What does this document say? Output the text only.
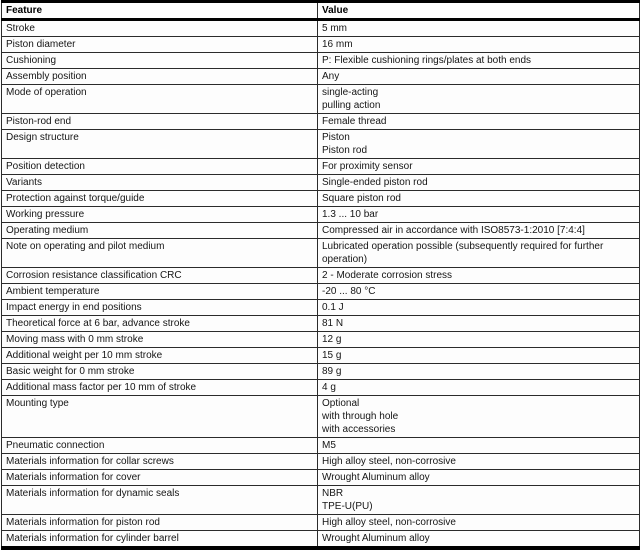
Feature	Value
Stroke	5 mm

Piston diameter	16 mm

Cushioning	P: Flexible cushioning rings/plates at both ends

Assembly position	Any

Mode of operation	single-acting
pulling action

Piston-rod end	Female thread

Design structure	Piston
Piston rod

Position detection	For proximity sensor

Variants	Single-ended piston rod

Protection against torque/guide	Square piston rod

Working pressure	1.3 ... 10 bar

Operating medium	Compressed air in accordance with ISO8573-1:2010 [7:4:4]

Note on operating and pilot medium	Lubricated operation possible (subsequently required for further operation)

Corrosion resistance classification CRC	2 - Moderate corrosion stress

Ambient temperature	-20 ... 80 °C

Impact energy in end positions	0.1 J

Theoretical force at 6 bar, advance stroke	81 N

Moving mass with 0 mm stroke	12 g

Additional weight per 10 mm stroke	15 g

Basic weight for 0 mm stroke	89 g

Additional mass factor per 10 mm of stroke	4 g

Mounting type	Optional
with through hole
with accessories

Pneumatic connection	M5

Materials information for collar screws	High alloy steel, non-corrosive

Materials information for cover	Wrought Aluminum alloy

Materials information for dynamic seals	NBR
TPE-U(PU)

Materials information for piston rod	High alloy steel, non-corrosive

Materials information for cylinder barrel	Wrought Aluminum alloy
